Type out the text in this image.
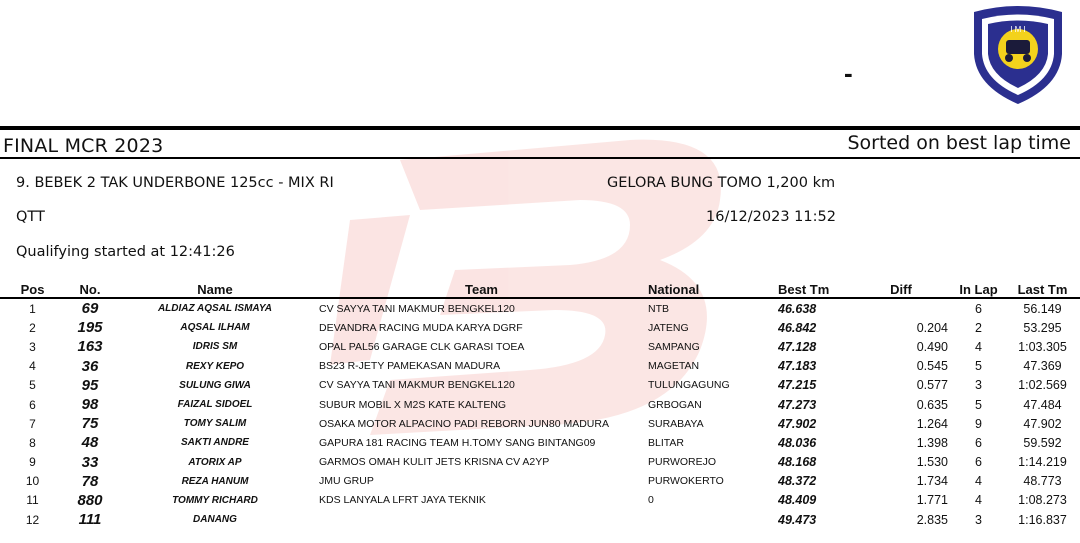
I M I
-
FINAL MCR 2023	Sorted on best lap time
9. BEBEK 2 TAK UNDERBONE 125cc - MIX RI	GELORA BUNG TOMO 1,200 km
QTT	16/12/2023 11:52
Qualifying started at 12:41:26
Pos	No.	Name	Team	National	Best Tm	Diff	In Lap	Last Tm
1	69	ALDIAZ AQSAL ISMAYA	CV SAYYA TANI MAKMUR BENGKEL120	NTB	46.638		6	56.149
2	195	AQSAL ILHAM	DEVANDRA RACING MUDA KARYA DGRF	JATENG	46.842	0.204	2	53.295
3	163	IDRIS SM	OPAL PAL56 GARAGE CLK GARASI TOEA	SAMPANG	47.128	0.490	4	1:03.305
4	36	REXY KEPO	BS23 R-JETY PAMEKASAN MADURA	MAGETAN	47.183	0.545	5	47.369
5	95	SULUNG GIWA	CV SAYYA TANI MAKMUR BENGKEL120	TULUNGAGUNG	47.215	0.577	3	1:02.569
6	98	FAIZAL SIDOEL	SUBUR MOBIL X M2S KATE KALTENG	GRBOGAN	47.273	0.635	5	47.484
7	75	TOMY SALIM	OSAKA MOTOR ALPACINO PADI REBORN JUN80 MADURA	SURABAYA	47.902	1.264	9	47.902
8	48	SAKTI ANDRE	GAPURA 181 RACING TEAM H.TOMY SANG BINTANG09	BLITAR	48.036	1.398	6	59.592
9	33	ATORIX AP	GARMOS OMAH KULIT JETS KRISNA CV A2YP	PURWOREJO	48.168	1.530	6	1:14.219
10	78	REZA HANUM	JMU GRUP	PURWOKERTO	48.372	1.734	4	48.773
11	880	TOMMY RICHARD	KDS LANYALA LFRT JAYA TEKNIK	0	48.409	1.771	4	1:08.273
12	111	DANANG			49.473	2.835	3	1:16.837
